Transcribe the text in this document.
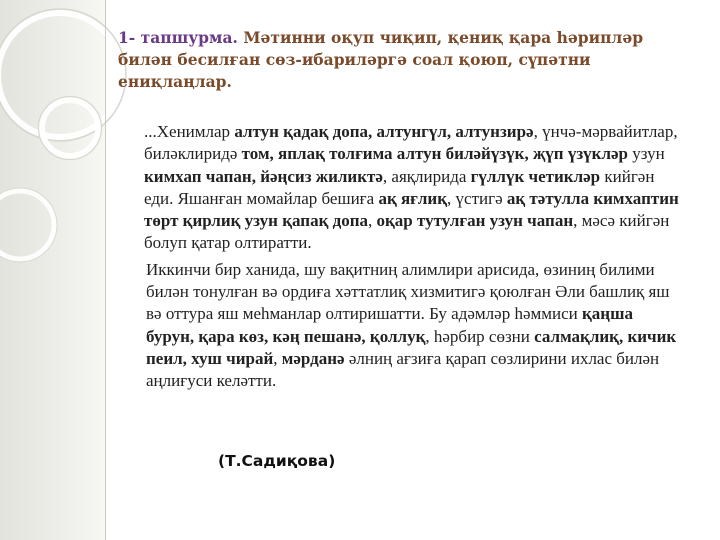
1- тапшурма. Мәтинни оқуп чиқип, қениқ қара һәрипләр билән бесилған сөз-ибариләргә соал қоюп, сүпәтни ениқлаңлар.

...Хенимлар алтун қадақ допа, алтунгүл, алтунзирә, үнчә-мәрвайитлар, биләклиридә том, яплақ толғима алтун биләйүзүк, җүп үзүкләр узун кимхап чапан, йәңсиз жиликтә, аяқлирида гүллүк четикләр кийгән еди. Яшанған момайлар бешиға ақ яғлиқ, үстигә ақ тәтулла кимхаптин төрт қирлиқ узун қапақ допа, оқар тутулған узун чапан, мәсә кийгән болуп қатар олтиратти.

Иккинчи бир ханида, шу вақитниң алимлири арисида, өзиниң билими билән тонулған вә ордиға хәттатлиқ хизмитигә қоюлған Әли башлиқ яш вә оттура яш меһманлар олтиришатти. Бу адәмләр һәммиси қаңша бурун, қара көз, кәң пешанә, қоллуқ, һәрбир сөзни салмақлиқ, кичик пеил, хуш чирай, мәрданә әлниң ағзиға қарап сөзлирини ихлас билән аңлиғуси келәтти.

(Т.Садиқова)
